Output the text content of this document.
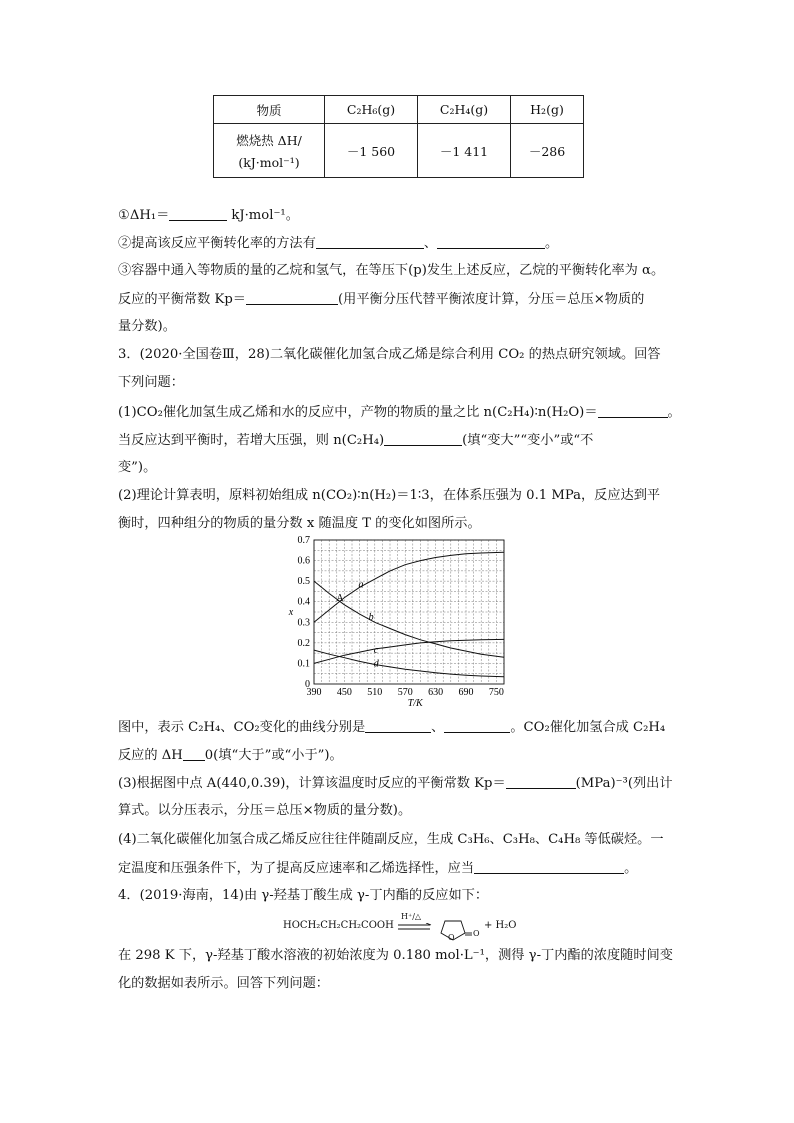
物质	C₂H₆(g)	C₂H₄(g)	H₂(g)

燃烧热 ΔH/
(kJ·mol⁻¹)	－1 560	－1 411	－286
①ΔH₁＝	kJ·mol⁻¹。
②提高该反应平衡转化率的方法有	、	。
③容器中通入等物质的量的乙烷和氢气，在等压下(p)发生上述反应，乙烷的平衡转化率为 α。
反应的平衡常数 Kp＝	(用平衡分压代替平衡浓度计算，分压＝总压×物质的
量分数)。
3．(2020·全国卷Ⅲ，28)二氧化碳催化加氢合成乙烯是综合利用 CO₂ 的热点研究领域。回答
下列问题：
(1)CO₂催化加氢生成乙烯和水的反应中，产物的物质的量之比 n(C₂H₄)∶n(H₂O)＝	。
当反应达到平衡时，若增大压强，则 n(C₂H₄)	(填“变大”“变小”或“不
变”)。
(2)理论计算表明，原料初始组成 n(CO₂)∶n(H₂)＝1∶3，在体系压强为 0.1 MPa，反应达到平
衡时，四种组分的物质的量分数 x 随温度 T 的变化如图所示。
0
0.1
0.2
0.3
0.4
0.5
0.6
0.7
390 450 510 570 630 690 750
T/K
x
a
b
c
d
A
图中，表示 C₂H₄、CO₂变化的曲线分别是	、	。CO₂催化加氢合成 C₂H₄
反应的 ΔH 0(填“大于”或“小于”)。
(3)根据图中点 A(440,0.39)，计算该温度时反应的平衡常数 Kp＝	(MPa)⁻³(列出计
算式。以分压表示，分压＝总压×物质的量分数)。
(4)二氧化碳催化加氢合成乙烯反应往往伴随副反应，生成 C₃H₆、C₃H₈、C₄H₈ 等低碳烃。一
定温度和压强条件下，为了提高反应速率和乙烯选择性，应当	。
4．(2019·海南，14)由 γ-羟基丁酸生成 γ-丁内酯的反应如下：
HOCH₂CH₂CH₂COOH
H⁺/△
O O
+ H₂O
在 298 K 下，γ-羟基丁酸水溶液的初始浓度为 0.180 mol·L⁻¹，测得 γ-丁内酯的浓度随时间变
化的数据如表所示。回答下列问题：
